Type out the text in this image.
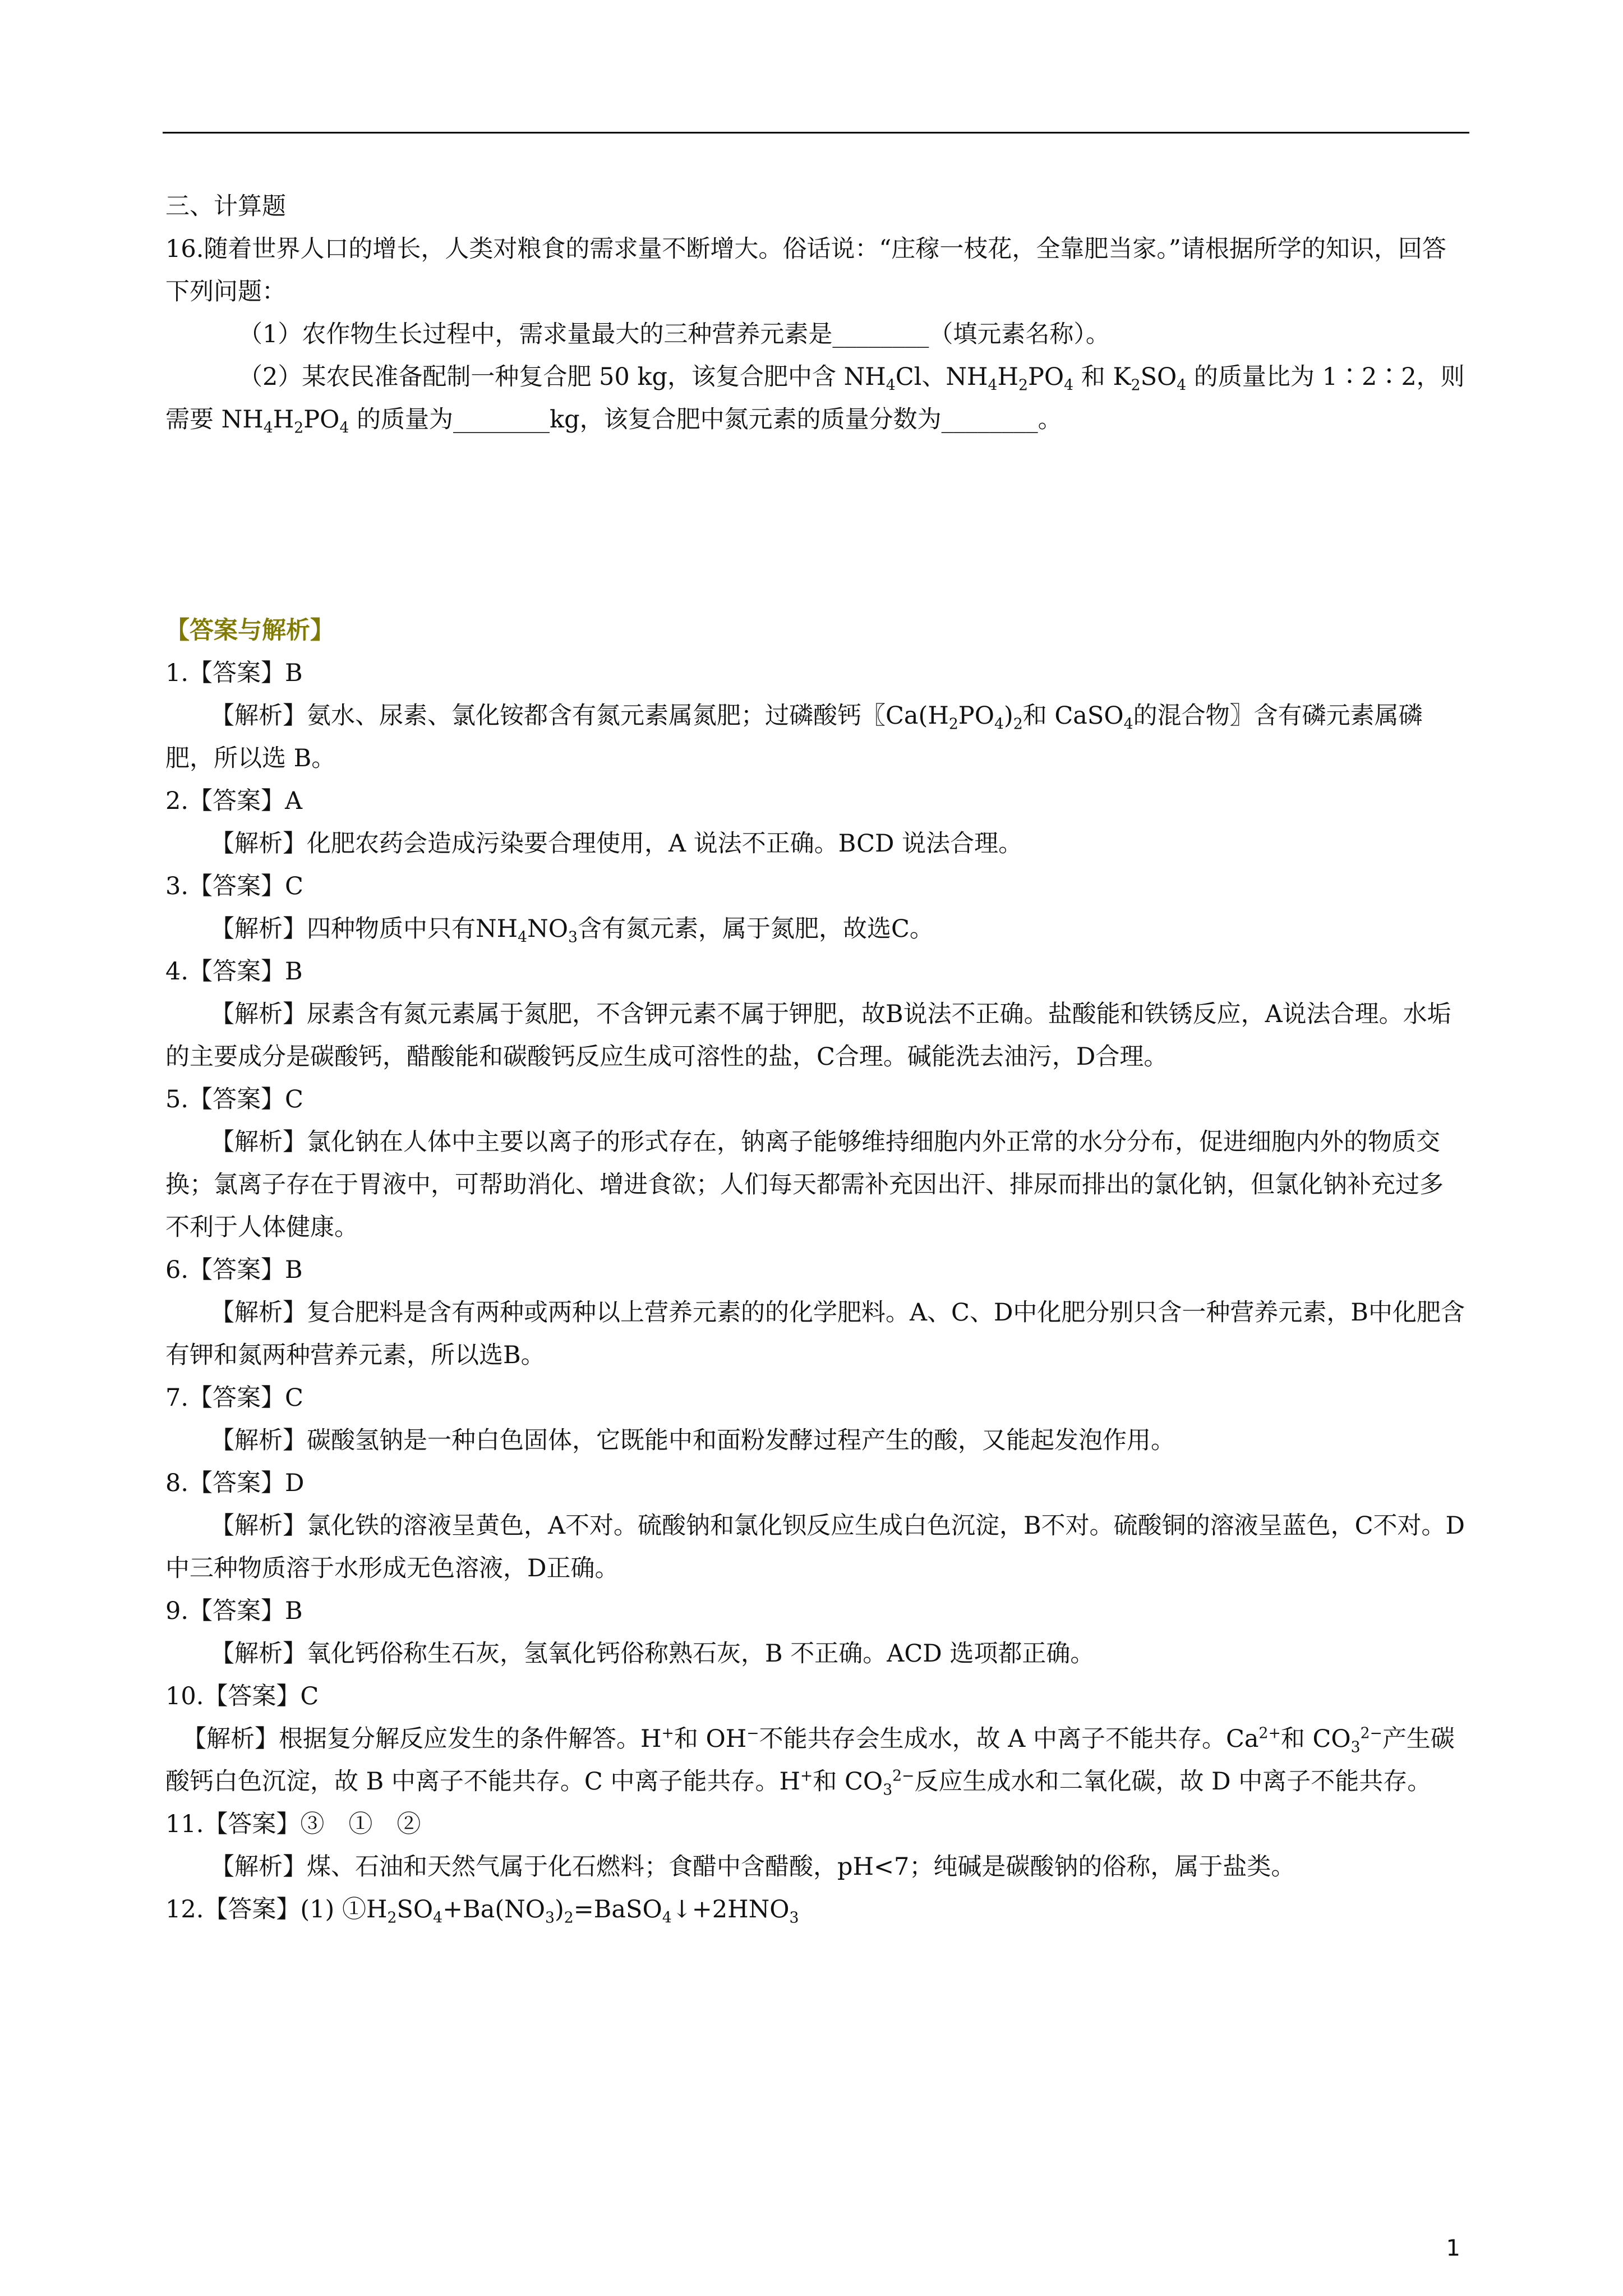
三、计算题

16.随着世界人口的增长，人类对粮食的需求量不断增大。俗话说：“庄稼一枝花，全靠肥当家。”请根据所学的知识，回答下列问题：

（1）农作物生长过程中，需求量最大的三种营养元素是________（填元素名称）。

（2）某农民准备配制一种复合肥 50 kg，该复合肥中含 $NH_4Cl$、$NH_4H_2PO_4$ 和 $K_2SO_4$ 的质量比为 1∶2∶2，则需要 $NH_4H_2PO_4$ 的质量为________kg，该复合肥中氮元素的质量分数为________。

【答案与解析】

1.【答案】B

【解析】氨水、尿素、氯化铵都含有氮元素属氮肥；过磷酸钙〖$Ca(H_2PO_4)_2$和 CaSO$_4$的混合物〗含有磷元素属磷肥，所以选 B。

2.【答案】A

【解析】化肥农药会造成污染要合理使用，A 说法不正确。BCD 说法合理。

3.【答案】C

【解析】四种物质中只有$NH_4NO_3$含有氮元素，属于氮肥，故选C。

4.【答案】B

【解析】尿素含有氮元素属于氮肥，不含钾元素不属于钾肥，故B说法不正确。盐酸能和铁锈反应，A说法合理。水垢的主要成分是碳酸钙，醋酸能和碳酸钙反应生成可溶性的盐，C合理。碱能洗去油污，D合理。

5.【答案】C

【解析】氯化钠在人体中主要以离子的形式存在，钠离子能够维持细胞内外正常的水分分布，促进细胞内外的物质交换；氯离子存在于胃液中，可帮助消化、增进食欲；人们每天都需补充因出汗、排尿而排出的氯化钠，但氯化钠补充过多不利于人体健康。

6.【答案】B

【解析】复合肥料是含有两种或两种以上营养元素的的化学肥料。A、C、D中化肥分别只含一种营养元素，B中化肥含有钾和氮两种营养元素，所以选B。

7.【答案】C

【解析】碳酸氢钠是一种白色固体，它既能中和面粉发酵过程产生的酸，又能起发泡作用。

8.【答案】D

【解析】氯化铁的溶液呈黄色，A不对。硫酸钠和氯化钡反应生成白色沉淀，B不对。硫酸铜的溶液呈蓝色，C不对。D中三种物质溶于水形成无色溶液，D正确。

9.【答案】B

【解析】氧化钙俗称生石灰，氢氧化钙俗称熟石灰，B 不正确。ACD 选项都正确。

10.【答案】C

【解析】根据复分解反应发生的条件解答。H+和 OH−不能共存会生成水，故 A 中离子不能共存。$Ca^{2+}$和 $CO_3^{2-}$产生碳酸钙白色沉淀，故 B 中离子不能共存。C 中离子能共存。H+和 $CO_3^{2-}$反应生成水和二氧化碳，故 D 中离子不能共存。

11.【答案】③　①　②

【解析】煤、石油和天然气属于化石燃料；食醋中含醋酸，pH<7；纯碱是碳酸钠的俗称，属于盐类。

12.【答案】(1) $①H_2SO_4+Ba(NO_3)_2=BaSO_4↓+2HNO_3$

1
